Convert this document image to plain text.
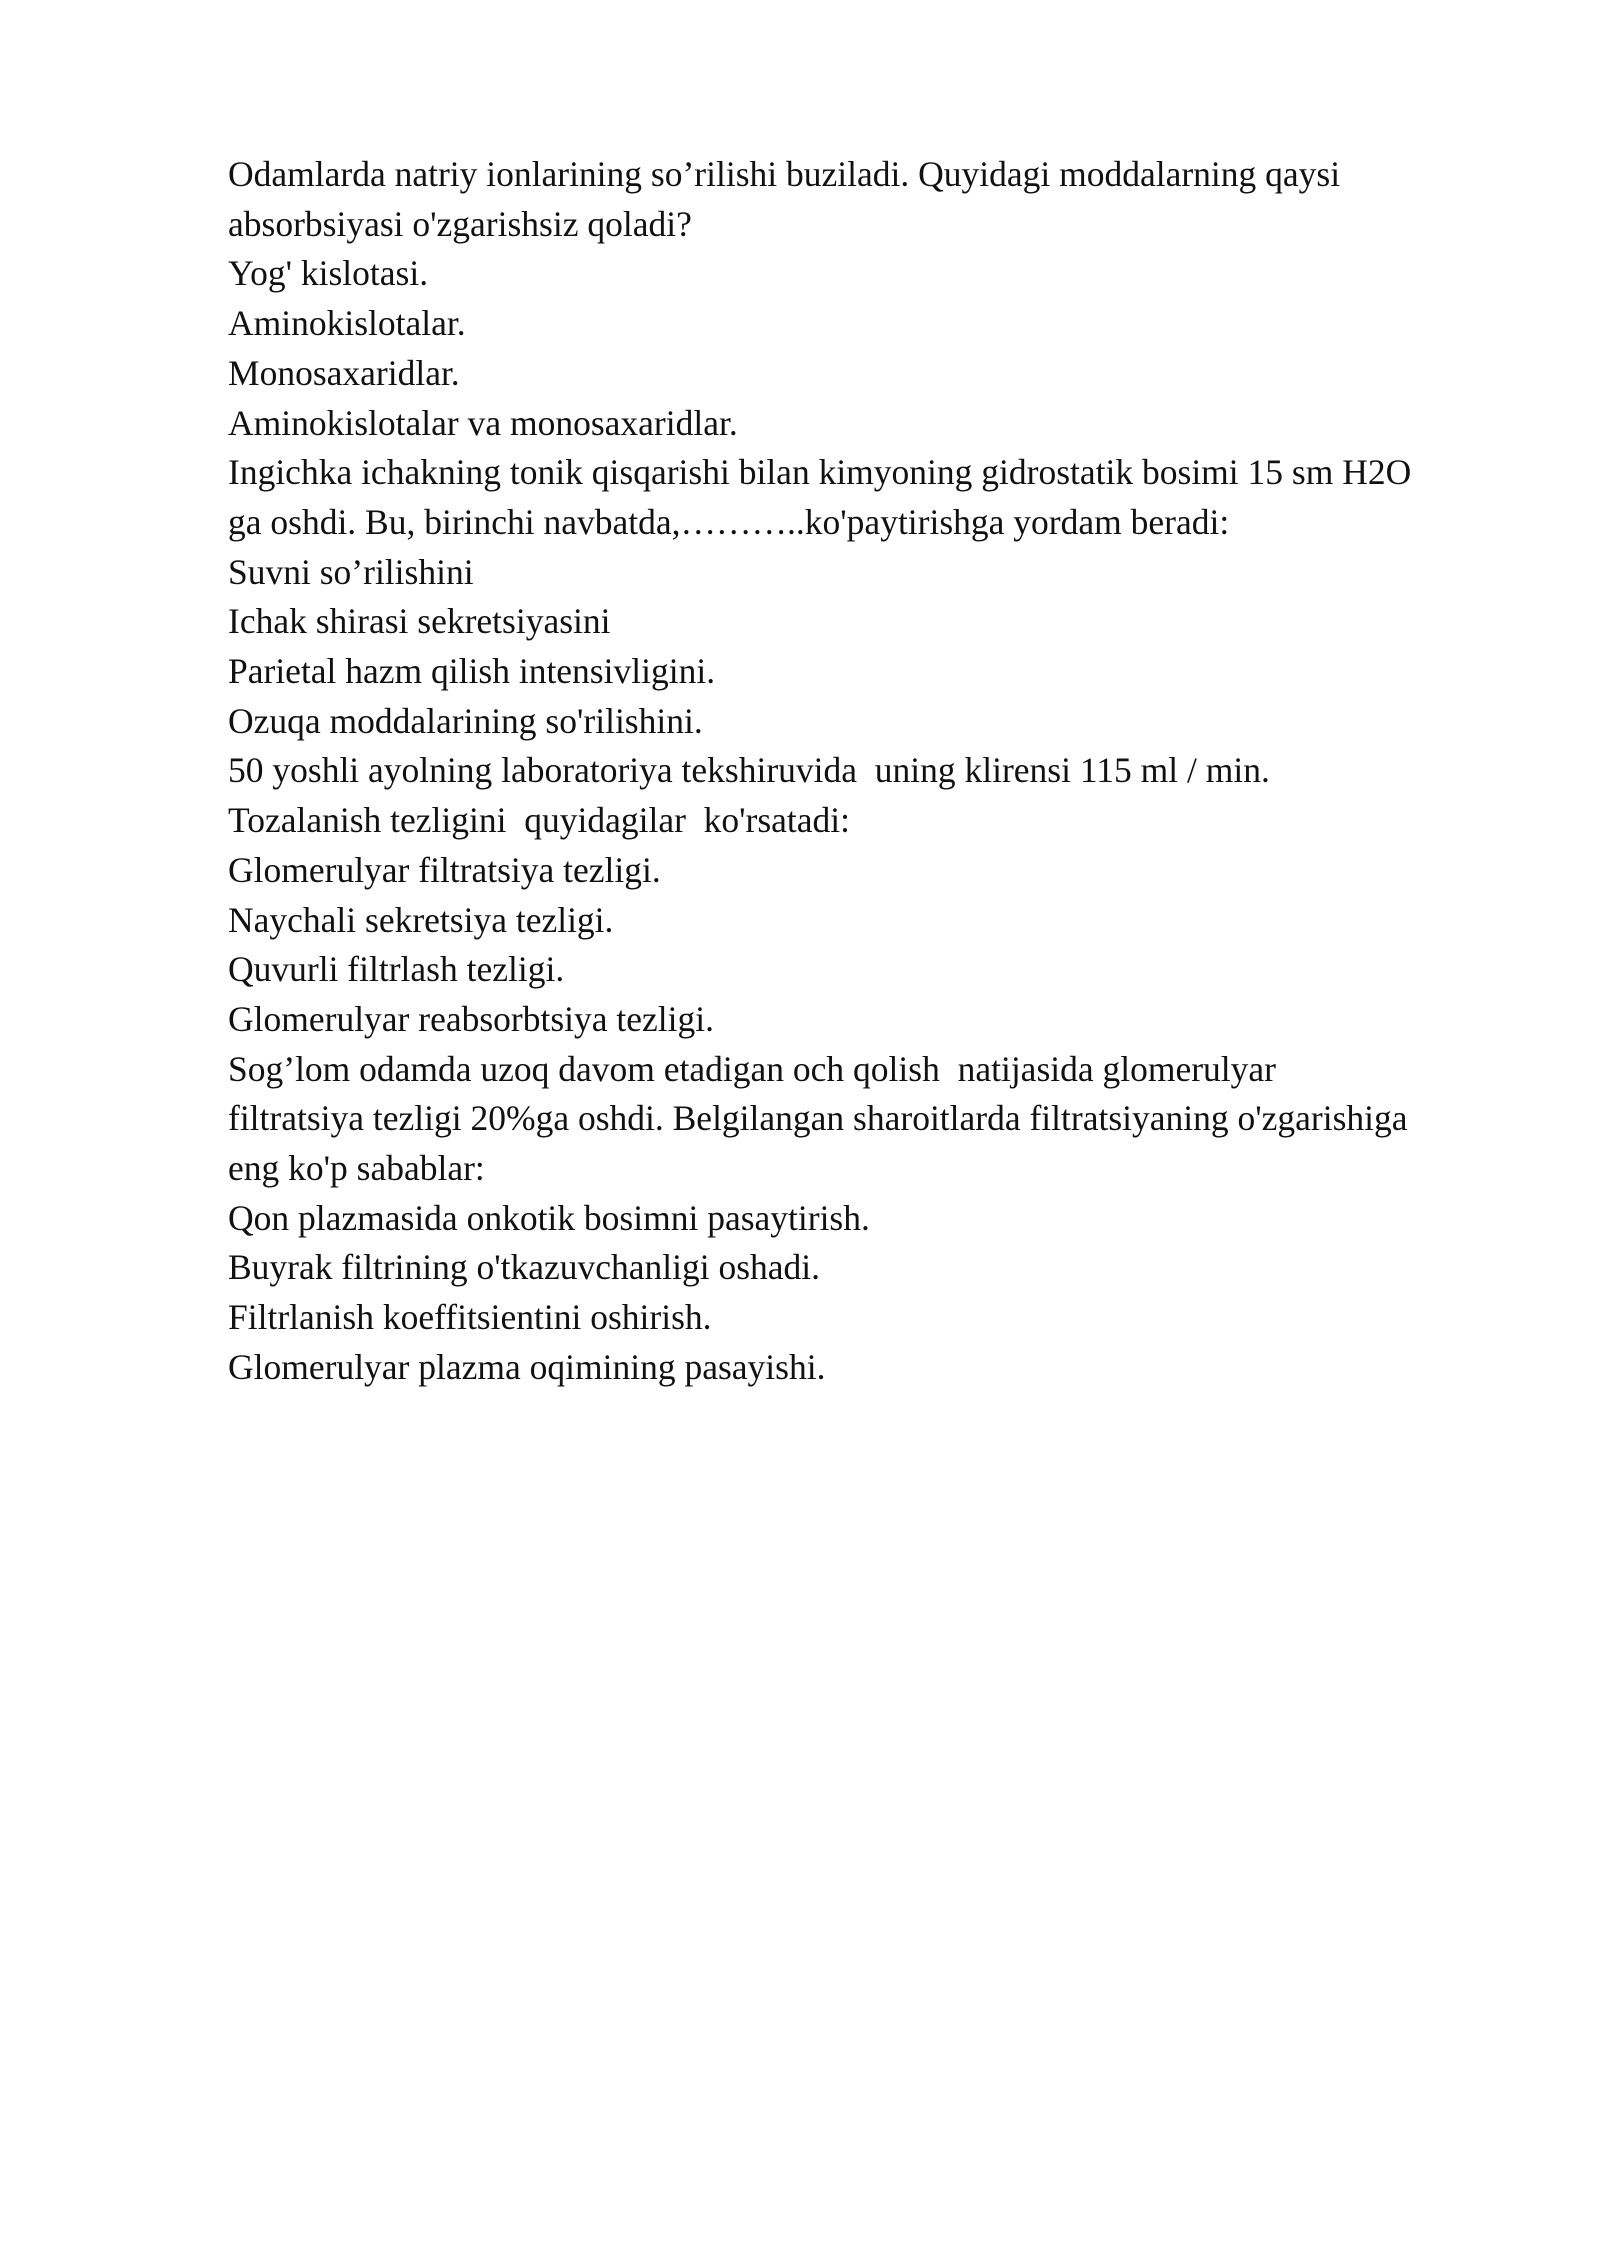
Odamlarda natriy ionlarining so’rilishi buziladi. Quyidagi moddalarning qaysi
absorbsiyasi o'zgarishsiz qoladi?
Yog' kislotasi.
Aminokislotalar.
Monosaxaridlar.
Aminokislotalar va monosaxaridlar.
Ingichka ichakning tonik qisqarishi bilan kimyoning gidrostatik bosimi 15 sm H2O
ga oshdi. Bu, birinchi navbatda,………..ko'paytirishga yordam beradi:
Suvni so’rilishini
Ichak shirasi sekretsiyasini
Parietal hazm qilish intensivligini.
Ozuqa moddalarining so'rilishini.
50 yoshli ayolning laboratoriya tekshiruvida  uning klirensi 115 ml / min.
Tozalanish tezligini  quyidagilar  ko'rsatadi:
Glomerulyar filtratsiya tezligi.
Naychali sekretsiya tezligi.
Quvurli filtrlash tezligi.
Glomerulyar reabsorbtsiya tezligi.
Sog’lom odamda uzoq davom etadigan och qolish  natijasida glomerulyar
filtratsiya tezligi 20%ga oshdi. Belgilangan sharoitlarda filtratsiyaning o'zgarishiga
eng ko'p sabablar:
Qon plazmasida onkotik bosimni pasaytirish.
Buyrak filtrining o'tkazuvchanligi oshadi.
Filtrlanish koeffitsientini oshirish.
Glomerulyar plazma oqimining pasayishi.
